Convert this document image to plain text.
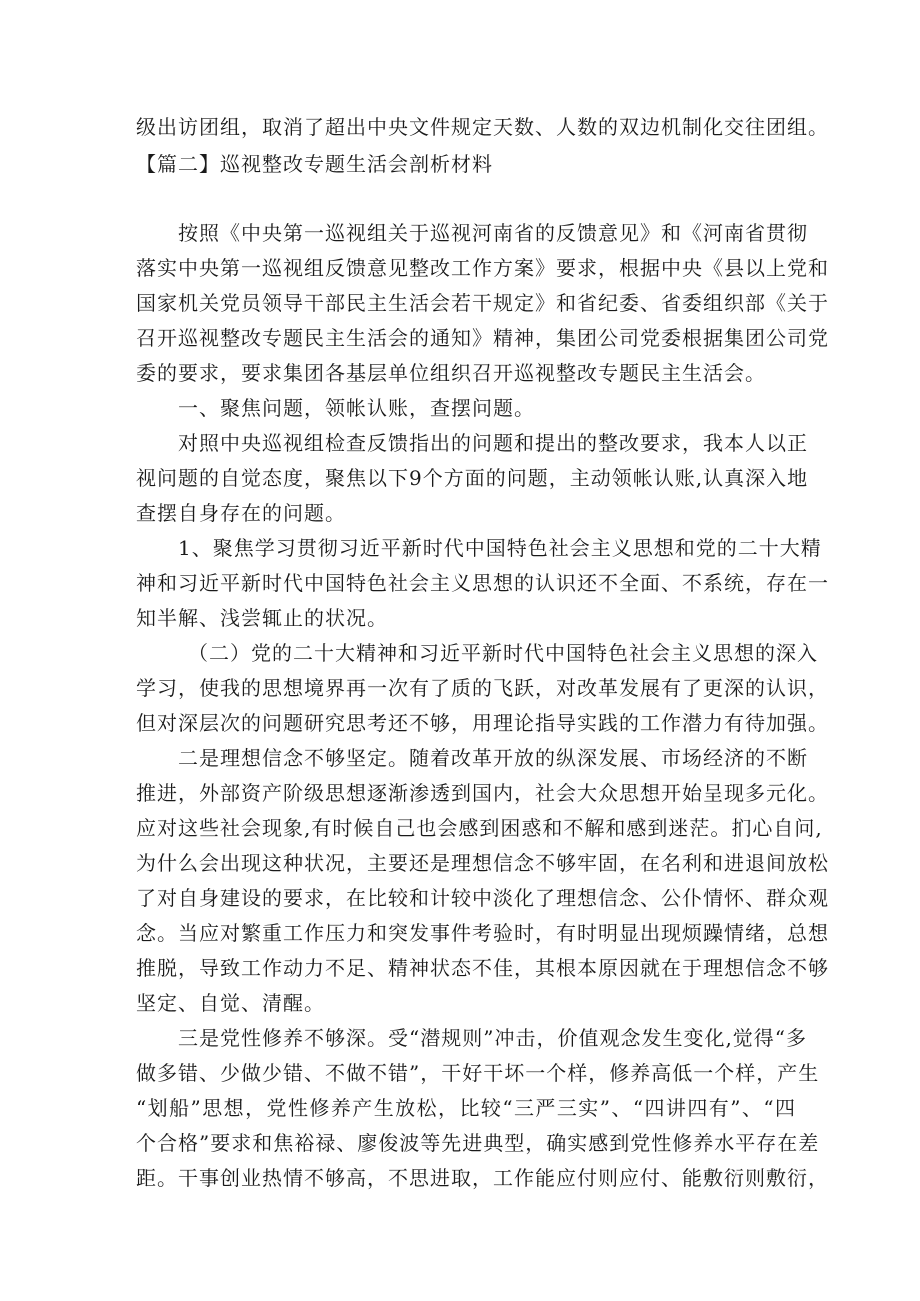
级出访团组，取消了超出中央文件规定天数、人数的双边机制化交往团组。
【篇二】巡视整改专题生活会剖析材料
按照《中央第一巡视组关于巡视河南省的反馈意见》和《河南省贯彻
落实中央第一巡视组反馈意见整改工作方案》要求，根据中央《县以上党和
国家机关党员领导干部民主生活会若干规定》和省纪委、省委组织部《关于
召开巡视整改专题民主生活会的通知》精神，集团公司党委根据集团公司党
委的要求，要求集团各基层单位组织召开巡视整改专题民主生活会。
一、聚焦问题，领帐认账，查摆问题。
对照中央巡视组检查反馈指出的问题和提出的整改要求，我本人以正
视问题的自觉态度，聚焦以下9个方面的问题，主动领帐认账,认真深入地
查摆自身存在的问题。
1、聚焦学习贯彻习近平新时代中国特色社会主义思想和党的二十大精
神和习近平新时代中国特色社会主义思想的认识还不全面、不系统，存在一
知半解、浅尝辄止的状况。
（二）党的二十大精神和习近平新时代中国特色社会主义思想的深入
学习，使我的思想境界再一次有了质的飞跃，对改革发展有了更深的认识，
但对深层次的问题研究思考还不够，用理论指导实践的工作潜力有待加强。
二是理想信念不够坚定。随着改革开放的纵深发展、市场经济的不断
推进，外部资产阶级思想逐渐渗透到国内，社会大众思想开始呈现多元化。
应对这些社会现象,有时候自己也会感到困惑和不解和感到迷茫。扪心自问,
为什么会出现这种状况，主要还是理想信念不够牢固，在名利和进退间放松
了对自身建设的要求，在比较和计较中淡化了理想信念、公仆情怀、群众观
念。当应对繁重工作压力和突发事件考验时，有时明显出现烦躁情绪，总想
推脱，导致工作动力不足、精神状态不佳，其根本原因就在于理想信念不够
坚定、自觉、清醒。
三是党性修养不够深。受“潜规则”冲击，价值观念发生变化,觉得“多
做多错、少做少错、不做不错”，干好干坏一个样，修养高低一个样，产生
“划船”思想，党性修养产生放松，比较“三严三实”、“四讲四有”、“四
个合格”要求和焦裕禄、廖俊波等先进典型，确实感到党性修养水平存在差
距。干事创业热情不够高，不思进取，工作能应付则应付、能敷衍则敷衍，
